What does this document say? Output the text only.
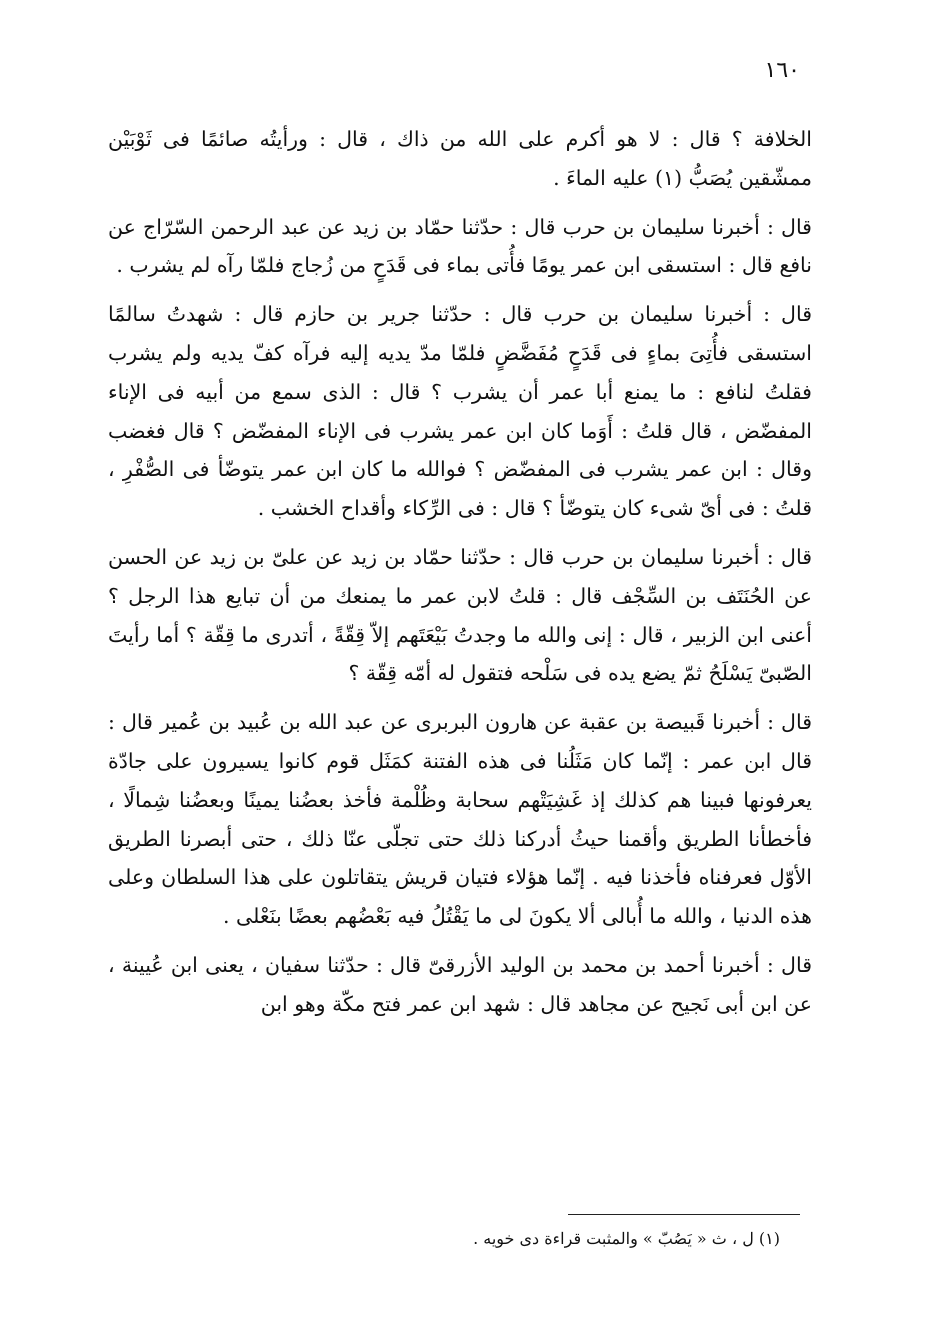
١٦٠

الخلافة ؟ قال : لا هو أكرم على الله من ذاك ، قال : ورأيتُه صائمًا فى ثَوْبَيْن ممشّقين يُصَبُّ (١) عليه الماءَ .

قال : أخبرنا سليمان بن حرب قال : حدّثنا حمّاد بن زيد عن عبد الرحمن السّرّاج عن نافع قال : استسقى ابن عمر يومًا فأُتى بماء فى قَدَحٍ من زُجاج فلمّا رآه لم يشرب .

قال : أخبرنا سليمان بن حرب قال : حدّثنا جرير بن حازم قال : شهدتُ سالمًا استسقى فأُتِىَ بماءٍ فى قَدَحٍ مُفَضَّضٍ فلمّا مدّ يديه إليه فرآه كفّ يديه ولم يشرب فقلتُ لنافع : ما يمنع أبا عمر أن يشرب ؟ قال : الذى سمع من أبيه فى الإناء المفضّض ، قال قلتُ : أَوَما كان ابن عمر يشرب فى الإناء المفضّض ؟ قال فغضب وقال : ابن عمر يشرب فى المفضّض ؟ فوالله ما كان ابن عمر يتوضّأ فى الصُّفْرِ ، قلتُ : فى أىّ شىء كان يتوضّأ ؟ قال : فى الرِّكاء وأقداح الخشب .

قال : أخبرنا سليمان بن حرب قال : حدّثنا حمّاد بن زيد عن علىّ بن زيد عن الحسن عن الحُنَتَف بن السِّجْف قال : قلتُ لابن عمر ما يمنعك من أن تبايع هذا الرجل ؟ أعنى ابن الزبير ، قال : إنى والله ما وجدتُ بَيْعَتَهم إلاّ قِقّةً ، أتدرى ما قِقّة ؟ أما رأيتَ الصّبىّ يَسْلَحُ ثمّ يضع يده فى سَلْحه فتقول له أمّه قِقّة ؟

قال : أخبرنا قَبيصة بن عقبة عن هارون البربرى عن عبد الله بن عُبيد بن عُمير قال : قال ابن عمر : إنّما كان مَثَلُنا فى هذه الفتنة كمَثَل قوم كانوا يسيرون على جادّة يعرفونها فبينا هم كذلك إذ غَشِيَتْهم سحابة وظُلْمة فأخذ بعضُنا يمينًا وبعضُنا شِمالًا ، فأخطأنا الطريق وأقمنا حيثُ أدركنا ذلك حتى تجلّى عنّا ذلك ، حتى أبصرنا الطريق الأوّل فعرفناه فأخذنا فيه . إنّما هؤلاء فتيان قريش يتقاتلون على هذا السلطان وعلى هذه الدنيا ، والله ما أُبالى ألا يكونَ لى ما يَقْتُلُ فيه بَعْضُهم بعضًا بنَعْلى .

قال : أخبرنا أحمد بن محمد بن الوليد الأزرقىّ قال : حدّثنا سفيان ، يعنى ابن عُيينة ، عن ابن أبى نَجيح عن مجاهد قال : شهد ابن عمر فتح مكّة وهو ابن

(١) ل ، ث « يَصُبّ » والمثبت قراءة دى خويه .
